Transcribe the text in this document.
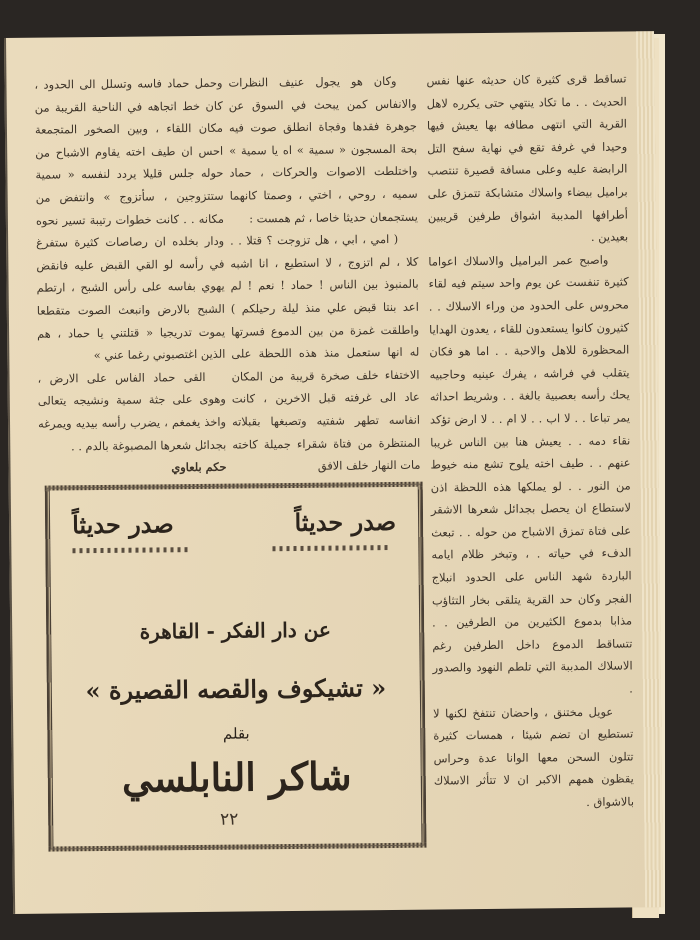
تساقط قرى كثيرة كان حديثه عنها نفس الحديث . . ما تكاد ينتهي حتى يكرره لاهل القرية التي انتهى مطافه بها يعيش فيها وحيدا في غرفة تقع في نهاية سفح التل الرابضة عليه وعلى مسافة قصيرة تنتصب براميل بيضاء واسلاك متشابكة تتمزق على أطرافها المدببة اشواق طرفين قريبين بعيدين .

واصبح عمر البراميل والاسلاك اعواما كثيرة تنفست عن يوم واحد سيتم فيه لقاء محروس على الحدود من وراء الاسلاك . . كثيرون كانوا يستعدون للقاء ، يعدون الهدايا المحظورة للاهل والاحبة . . اما هو فكان يتقلب في فراشه ، يفرك عينيه وحاجبيه يحك رأسه بعصبية بالغة . . وشريط احداثه يمر تباعا . . لا اب . . لا ام . . لا ارض تؤكد نقاء دمه . . يعيش هنا بين الناس غريبا عنهم . . طيف اخته يلوح تشع منه خيوط من النور . . لو يملكها هذه اللحظة اذن لاستطاع ان يحصل بجدائل شعرها الاشقر على فتاة تمزق الاشباح من حوله . . تبعث الدفء في حياته . ، وتبخر ظلام ايامه الباردة شهد الناس على الحدود انبلاج الفجر وكان حد القرية يتلقى بخار التثاؤب مذابا بدموع الكثيرين من الطرفين . . تتساقط الدموع داخل الطرفين رغم الاسلاك المدببة التي تلطم النهود والصدور .

عويل مختنق ، واحضان تنتفخ لكنها لا تستطيع ان تضم شيئا ، همسات كثيرة تتلون السحن معها الوانا عدة وحراس يقظون همهم الاكبر ان لا تتأثر الاسلاك بالاشواق .

وكان هو يجول عنيف النظرات والانفاس كمن يبحث في السوق عن جوهرة فقدها وفجاة انطلق صوت فيه بحة المسجون « سمية » اه يا سمية » واختلطت الاصوات والحركات ، حماد سميه ، روحي ، اختي ، وصمتا كانهما يستجمعان حديثا خاصا ، ثم همست :

( امي ، ابي ، هل تزوجت ؟ قتلا . . كلا ، لم اتزوج ، لا استطيع ، انا اشبه بالمنبوذ بين الناس ! حماد ! نعم ! لم اعد بنتا قبض علي منذ ليلة رحيلكم ) واطلقت غمزة من بين الدموع فسرتها له انها ستعمل منذ هذه اللحظة على الاختفاء خلف صخرة قريبة من المكان عاد الى غرفته قبل الاخرين ، كانت انفاسه تطهر شفتيه وتصبغها بقبلاته المنتظرة من فتاة شقراء جميلة كاخته مات النهار خلف الافق

وحمل حماد فاسه وتسلل الى الحدود ، كان خط اتجاهه في الناحية القريبة من مكان اللقاء ، وبين الصخور المتجمعة احس ان طيف اخته يقاوم الاشباح من حوله جلس قليلا يردد لنفسه « سمية ستتزوجين ، سأتزوج » وانتفض من مكانه . . كانت خطوات رتيبة تسير نحوه ودار بخلده ان رصاصات كثيرة ستفرغ في رأسه لو القي القبض عليه فانقض يهوي بفاسه على رأس الشبح ، ارتطم الشبح بالارض وانبعث الصوت متقطعا يموت تدريجيا « قتلتني يا حماد ، هم الذين اغتصبوني رغما عني »

القى حماد الفاس على الارض ، وهوى على جثة سمية ونشيجه يتعالى واخذ يغمغم ، يضرب رأسه بيديه ويمرغه بجدائل شعرها المصبوغة بالدم . .

حكم بلعاوي

صدر حديثاً
صدر حديثاً
عن دار الفكر - القاهرة
« تشيكوف والقصه القصيرة »
بقلم
شاكر النابلسي
٢٢
